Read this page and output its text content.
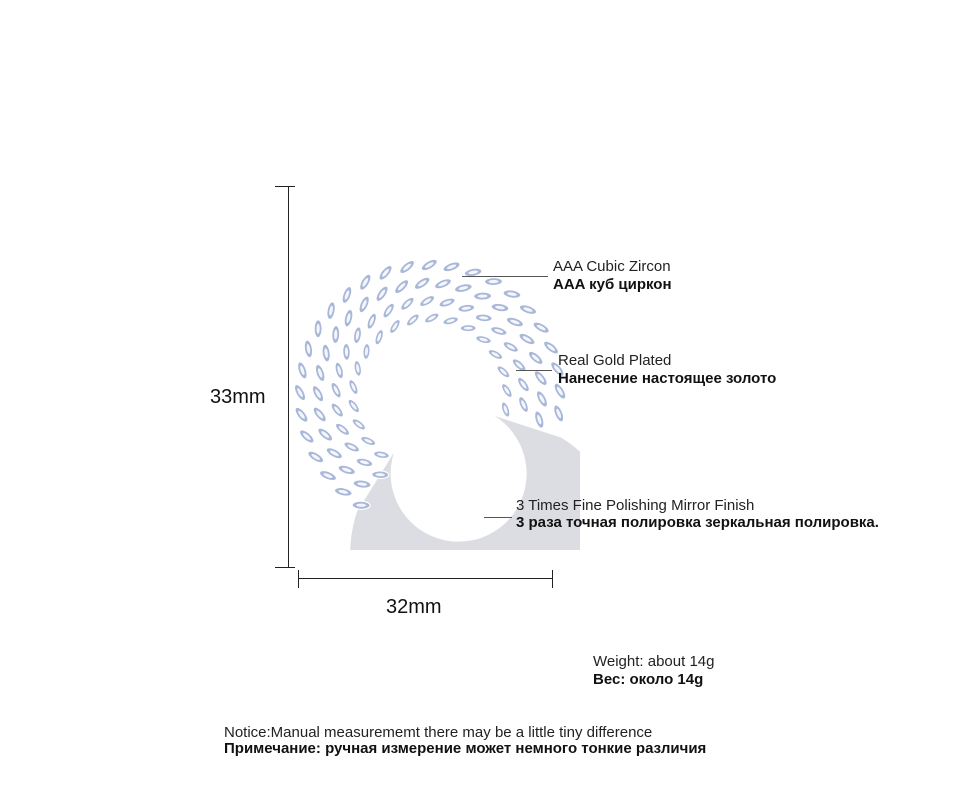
33mm
32mm
AAA Cubic Zircon
AAA куб циркон
Real Gold Plated
Нанесение настоящее золото
3 Times Fine Polishing Mirror Finish
3 раза точная полировка зеркальная полировка.
Weight: about 14g
Вес: около 14g
Notice:Manual measurememt there may be a little tiny difference
Примечание: ручная измерение может немного тонкие различия
